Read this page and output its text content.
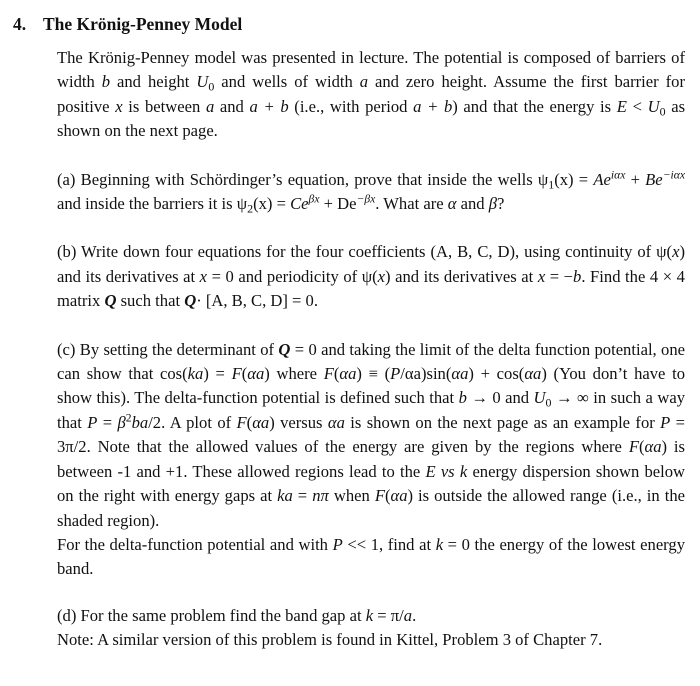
4. The Krönig-Penney Model

The Krönig-Penney model was presented in lecture. The potential is composed of barriers of width b and height $U_0$ and wells of width a and zero height. Assume the first barrier for positive x is between a and a + b (i.e., with period a + b) and that the energy is $E < U_0$ as shown on the next page.

(a) Beginning with Schördinger’s equation, prove that inside the wells $\psi_1(x) = Ae^{i\alpha x} + Be^{-i\alpha x}$ and inside the barriers it is $\psi_2(x) = Ce^{\beta x} + De^{-\beta x}$. What are α and β?

(b) Write down four equations for the four coefficients (A, B, C, D), using continuity of ψ(x) and its derivatives at x = 0 and periodicity of ψ(x) and its derivatives at x = −b. Find the 4 × 4 matrix Q such that Q· [A, B, C, D] = 0.

(c) By setting the determinant of Q = 0 and taking the limit of the delta function potential, one can show that cos(ka) = F(αa) where F(αa) ≡ (P/αa)sin(αa) + cos(αa) (You don’t have to show this). The delta-function potential is defined such that b → 0 and $U_0$ → ∞ in such a way that $P = \beta^2ba/2$. A plot of F(αa) versus αa is shown on the next page as an example for P = 3π/2. Note that the allowed values of the energy are given by the regions where F(αa) is between -1 and +1. These allowed regions lead to the E vs k energy dispersion shown below on the right with energy gaps at ka = nπ when F(αa) is outside the allowed range (i.e., in the shaded region).

For the delta-function potential and with P << 1, find at k = 0 the energy of the lowest energy band.

(d) For the same problem find the band gap at k = π/a.

Note: A similar version of this problem is found in Kittel, Problem 3 of Chapter 7.
